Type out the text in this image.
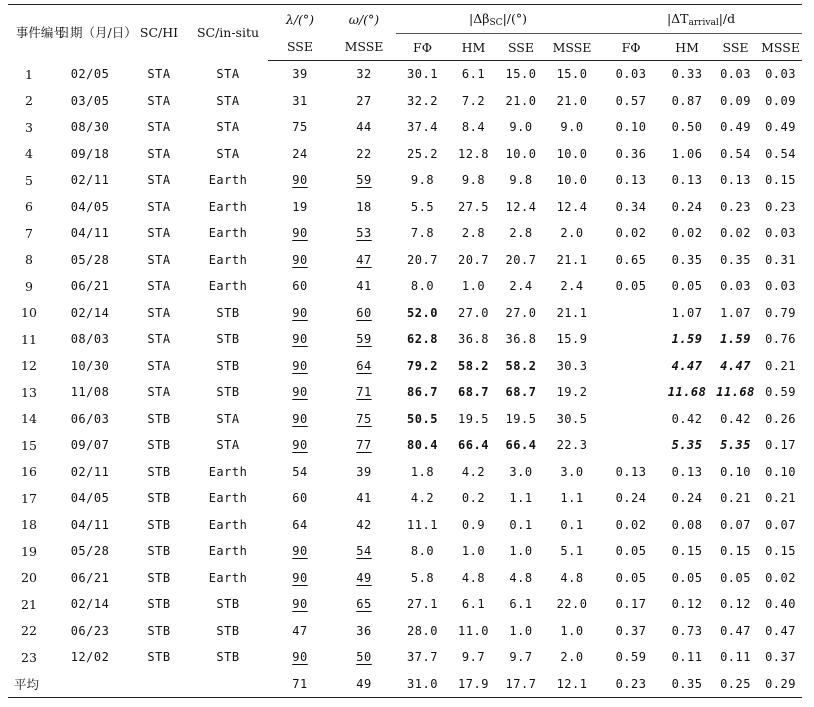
事件编号	日期（月/日）	SC/HI	SC/in-situ	λ/(°)	ω/(°)	$|\Delta\beta_{SC}|/(^\circ)$				$|\Delta T_{arrival}|/d$			
				SSE	MSSE	FΦ	HM	SSE	MSSE	FΦ	HM	SSE	MSSE
1	02/05	STA	STA	39	32	30.1	6.1	15.0	15.0	0.03	0.33	0.03	0.03
2	03/05	STA	STA	31	27	32.2	7.2	21.0	21.0	0.57	0.87	0.09	0.09
3	08/30	STA	STA	75	44	37.4	8.4	9.0	9.0	0.10	0.50	0.49	0.49
4	09/18	STA	STA	24	22	25.2	12.8	10.0	10.0	0.36	1.06	0.54	0.54
5	02/11	STA	Earth	90	59	9.8	9.8	9.8	10.0	0.13	0.13	0.13	0.15
6	04/05	STA	Earth	19	18	5.5	27.5	12.4	12.4	0.34	0.24	0.23	0.23
7	04/11	STA	Earth	90	53	7.8	2.8	2.8	2.0	0.02	0.02	0.02	0.03
8	05/28	STA	Earth	90	47	20.7	20.7	20.7	21.1	0.65	0.35	0.35	0.31
9	06/21	STA	Earth	60	41	8.0	1.0	2.4	2.4	0.05	0.05	0.03	0.03
10	02/14	STA	STB	90	60	52.0	27.0	27.0	21.1		1.07	1.07	0.79
11	08/03	STA	STB	90	59	62.8	36.8	36.8	15.9		1.59	1.59	0.76
12	10/30	STA	STB	90	64	79.2	58.2	58.2	30.3		4.47	4.47	0.21
13	11/08	STA	STB	90	71	86.7	68.7	68.7	19.2		11.68	11.68	0.59
14	06/03	STB	STA	90	75	50.5	19.5	19.5	30.5		0.42	0.42	0.26
15	09/07	STB	STA	90	77	80.4	66.4	66.4	22.3		5.35	5.35	0.17
16	02/11	STB	Earth	54	39	1.8	4.2	3.0	3.0	0.13	0.13	0.10	0.10
17	04/05	STB	Earth	60	41	4.2	0.2	1.1	1.1	0.24	0.24	0.21	0.21
18	04/11	STB	Earth	64	42	11.1	0.9	0.1	0.1	0.02	0.08	0.07	0.07
19	05/28	STB	Earth	90	54	8.0	1.0	1.0	5.1	0.05	0.15	0.15	0.15
20	06/21	STB	Earth	90	49	5.8	4.8	4.8	4.8	0.05	0.05	0.05	0.02
21	02/14	STB	STB	90	65	27.1	6.1	6.1	22.0	0.17	0.12	0.12	0.40
22	06/23	STB	STB	47	36	28.0	11.0	1.0	1.0	0.37	0.73	0.47	0.47
23	12/02	STB	STB	90	50	37.7	9.7	9.7	2.0	0.59	0.11	0.11	0.37
平均				71	49	31.0	17.9	17.7	12.1	0.23	0.35	0.25	0.29
